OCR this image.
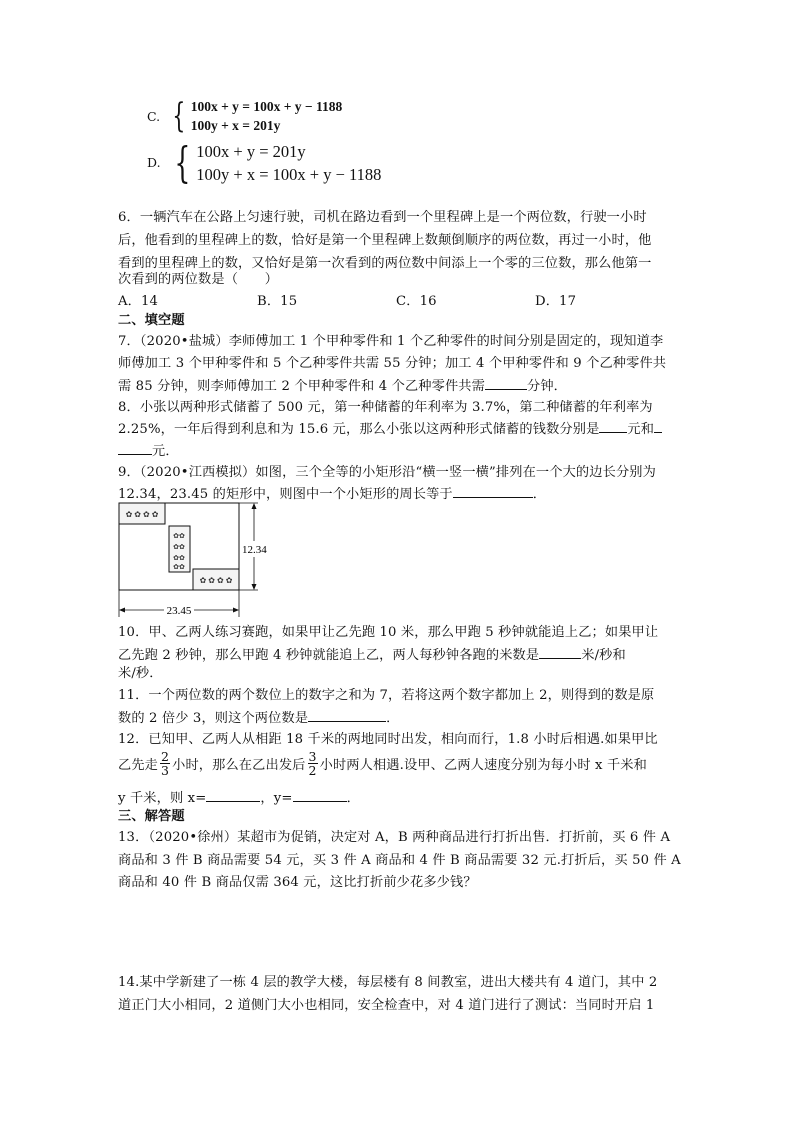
C. { 100x + y = 100x + y − 1188
100y + x = 201y
D. { 100x + y = 201y
100y + x = 100x + y − 1188
6．一辆汽车在公路上匀速行驶，司机在路边看到一个里程碑上是一个两位数，行驶一小时
后，他看到的里程碑上的数，恰好是第一个里程碑上数颠倒顺序的两位数，再过一小时，他
看到的里程碑上的数，又恰好是第一次看到的两位数中间添上一个零的三位数，那么他第一
次看到的两位数是（　　）
A．14	B．15	C．16	D．17
二、填空题
7．（2020•盐城）李师傅加工 1 个甲种零件和 1 个乙种零件的时间分别是固定的，现知道李
师傅加工 3 个甲种零件和 5 个乙种零件共需 55 分钟；加工 4 个甲种零件和 9 个乙种零件共
需 85 分钟，则李师傅加工 2 个甲种零件和 4 个乙种零件共需	分钟．
8．小张以两种形式储蓄了 500 元，第一种储蓄的年利率为 3.7%，第二种储蓄的年利率为
2.25%，一年后得到利息和为 15.6 元，那么小张以这两种形式储蓄的钱数分别是 元和
元．
9．（2020•江西模拟）如图，三个全等的小矩形沿“横一竖一横”排列在一个大的边长分别为
12.34，23.45 的矩形中，则图中一个小矩形的周长等于	．
✿ ✿ ✿ ✿
✿✿
✿✿
✿✿
✿✿
✿ ✿ ✿ ✿
12.34
23.45
10．甲、乙两人练习赛跑，如果甲让乙先跑 10 米，那么甲跑 5 秒钟就能追上乙；如果甲让
乙先跑 2 秒钟，那么甲跑 4 秒钟就能追上乙，两人每秒钟各跑的米数是	米/秒和
米/秒．
11．一个两位数的两个数位上的数字之和为 7，若将这两个数字都加上 2，则得到的数是原
数的 2 倍少 3，则这个两位数是	．
12．已知甲、乙两人从相距 18 千米的两地同时出发，相向而行，1.8 小时后相遇.如果甲比
乙先走 $\frac{2}{3}$ 小时，那么在乙出发后 $\frac{3}{2}$ 小时两人相遇.设甲、乙两人速度分别为每小时 x 千米和
y 千米，则 x=	，y=	．
三、解答题
13．（2020•徐州）某超市为促销，决定对 A，B 两种商品进行打折出售．打折前，买 6 件 A
商品和 3 件 B 商品需要 54 元，买 3 件 A 商品和 4 件 B 商品需要 32 元.打折后，买 50 件 A
商品和 40 件 B 商品仅需 364 元，这比打折前少花多少钱？
14.某中学新建了一栋 4 层的教学大楼，每层楼有 8 间教室，进出大楼共有 4 道门，其中 2
道正门大小相同，2 道侧门大小也相同，安全检查中，对 4 道门进行了测试：当同时开启 1
